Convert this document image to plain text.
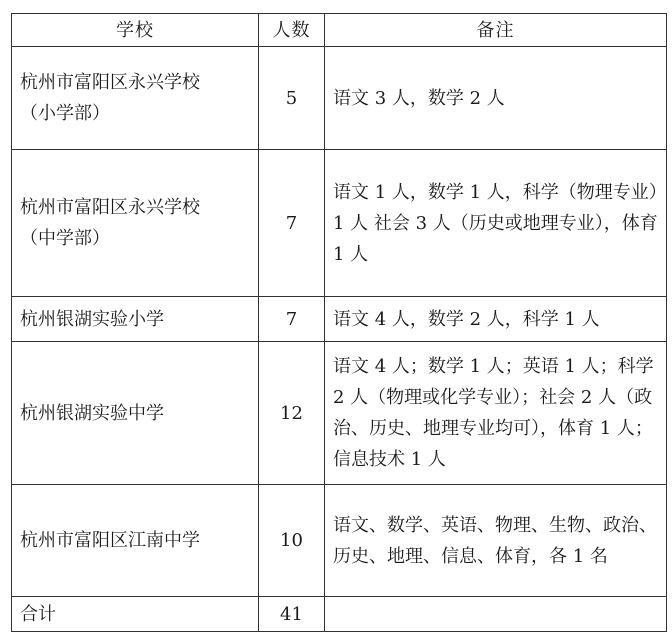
学校	人数	备注

杭州市富阳区永兴学校
（小学部）	5	语文 3 人，数学 2 人

杭州市富阳区永兴学校
（中学部）	7	语文 1 人，数学 1 人，科学（物理专业）1 人 社会 3 人（历史或地理专业），体育 1 人

杭州银湖实验小学	7	语文 4 人，数学 2 人，科学 1 人

杭州银湖实验中学	12	语文 4 人；数学 1 人；英语 1 人；科学 2 人（物理或化学专业）；社会 2 人（政治、历史、地理专业均可），体育 1 人；信息技术 1 人

杭州市富阳区江南中学	10	语文、数学、英语、物理、生物、政治、历史、地理、信息、体育，各 1 名
合计	41	
